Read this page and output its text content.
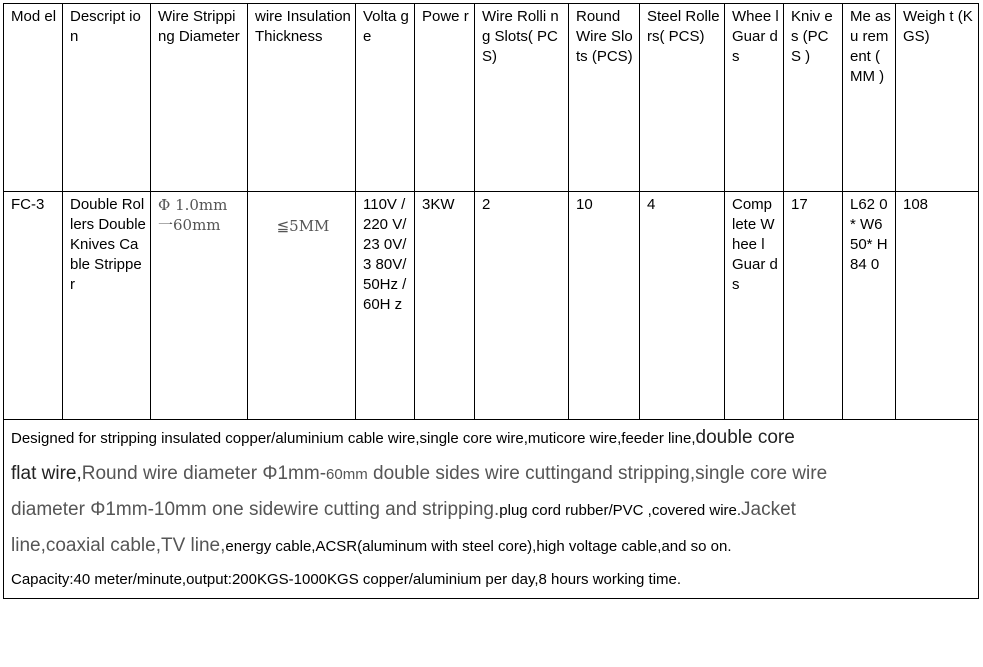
Mod el	Descript ion	Wire Stripping Diameter	wire Insulation Thickness	Volta ge	Powe r	Wire Rolli ng Slots( PCS)	Round Wire Slots (PCS)	Steel Rollers( PCS)	Whee l Guar ds	Kniv es (PCS )	Me asu rem ent ( MM )	Weigh t (KGS)
FC-3	Double Rollers Double Knives Cable Stripper	Φ 1.0mm 一60mm	≦5MM	110V /220 V/23 0V/3 80V/ 50Hz /60H z	3KW	2	10	4	Comp lete Whee l Guar ds	17	L62 0* W6 50* H84 0	108

Designed for stripping insulated copper/aluminium cable wire,single core wire,muticore wire,feeder line,double core
flat wire,Round wire diameter Φ1mm-60mm double sides wire cuttingand stripping,single core wire
diameter Φ1mm-10mm one sidewire cutting and stripping.plug cord rubber/PVC ,covered wire.Jacket
line,coaxial cable,TV line,energy cable,ACSR(aluminum with steel core),high voltage cable,and so on.
Capacity:40 meter/minute,output:200KGS-1000KGS copper/aluminium per day,8 hours working time.												
